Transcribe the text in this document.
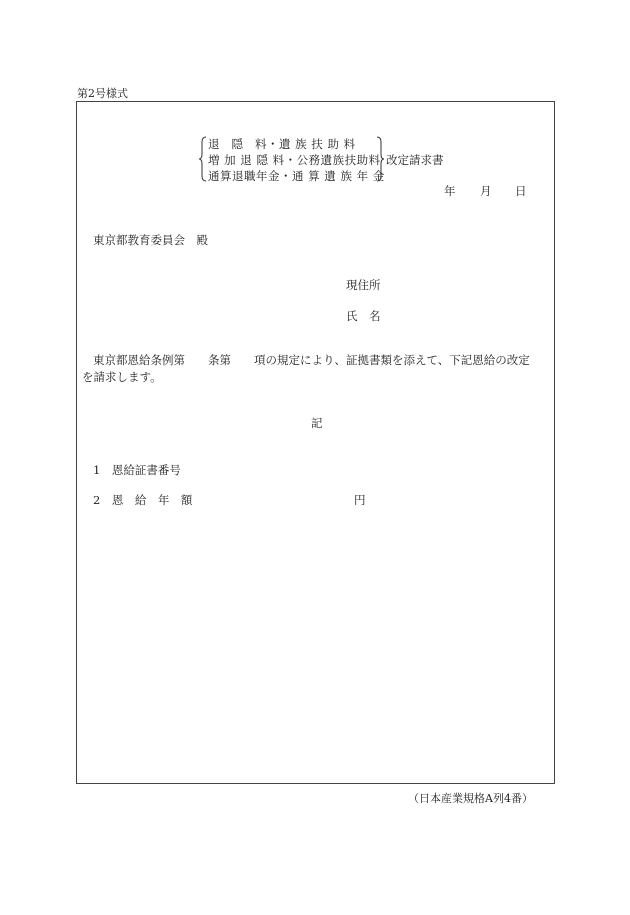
第2号様式
退隠料・遺 族 扶 助 料
増 加 退 隠 料・公務遺族扶助料
通算退職年金・通 算 遺 族 年 金
改定請求書
年 月 日
東京都教育委員会　殿
現住所
氏　名
東京都恩給条例第　　条第　　項の規定により、証拠書類を添えて、下記恩給の改定
を請求します。
記
1　恩給証書番号
2　恩　給　年　額	円
（日本産業規格A列4番）
